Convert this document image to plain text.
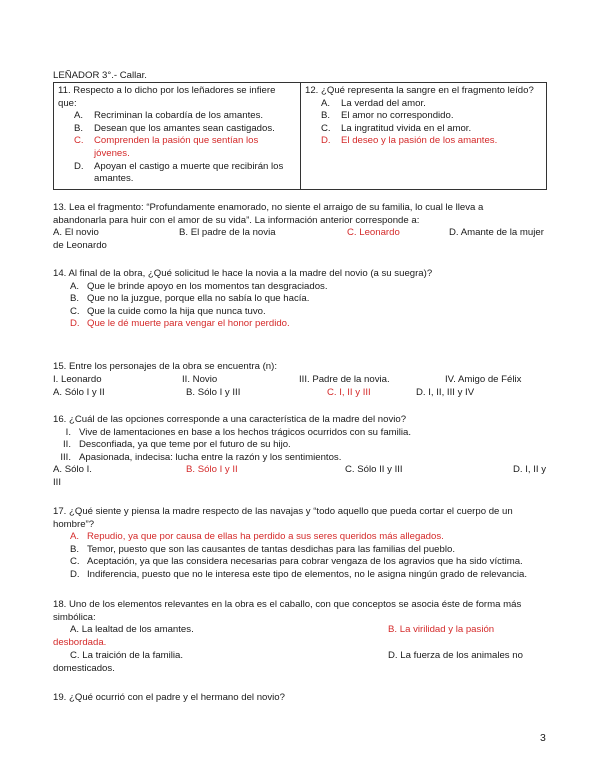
LEÑADOR 3°.- Callar.
11. Respecto a lo dicho por los leñadores se infiere que:
A.	Recriminan la cobardía de los amantes.
B.	Desean que los amantes sean castigados.
C.	Comprenden la pasión que sentían los jóvenes.
D.	Apoyan el castigo a muerte que recibirán los amantes.

12. ¿Qué representa la sangre en el fragmento leído?
A.	La verdad del amor.
B.	El amor no correspondido.
C.	La ingratitud vivida en el amor.
D.	El deseo y la pasión de los amantes.
13. Lea el fragmento: “Profundamente enamorado, no siente el arraigo de su familia, lo cual le lleva a
abandonarla para huir con el amor de su vida”. La información anterior corresponde a:
A. El novio	B. El padre de la novia	C. Leonardo	D. Amante de la mujer
de Leonardo
14. Al final de la obra, ¿Qué solicitud le hace la novia a la madre del novio (a su suegra)?
A. Que le brinde apoyo en los momentos tan desgraciados.
B. Que no la juzgue, porque ella no sabía lo que hacía.
C. Que la cuide como la hija que nunca tuvo.
D. Que le dé muerte para vengar el honor perdido.
15. Entre los personajes de la obra se encuentra (n):
I. Leonardo	II. Novio	III. Padre de la novia.	IV. Amigo de Félix
A. Sólo I y II	B. Sólo I y III	C. I, II y III	D. I, II, III y IV
16. ¿Cuál de las opciones corresponde a una característica de la madre del novio?
I. Vive de lamentaciones en base a los hechos trágicos ocurridos con su familia.
II. Desconfiada, ya que teme por el futuro de su hijo.
III. Apasionada, indecisa: lucha entre la razón y los sentimientos.
A. Sólo I.	B. Sólo I y II	C. Sólo II y III	D. I, II y
III
17. ¿Qué siente y piensa la madre respecto de las navajas y “todo aquello que pueda cortar el cuerpo de un
hombre”?
A. Repudio, ya que por causa de ellas ha perdido a sus seres queridos más allegados.
B. Temor, puesto que son las causantes de tantas desdichas para las familias del pueblo.
C. Aceptación, ya que las considera necesarias para cobrar vengaza de los agravios que ha sido víctima.
D. Indiferencia, puesto que no le interesa este tipo de elementos, no le asigna ningún grado de relevancia.
18. Uno de los elementos relevantes en la obra es el caballo, con que conceptos se asocia éste de forma más
simbólica:
A. La lealtad de los amantes.	B. La virilidad y la pasión
desbordada.
C. La traición de la familia.	D. La fuerza de los animales no
domesticados.
19. ¿Qué ocurrió con el padre y el hermano del novio?
3
